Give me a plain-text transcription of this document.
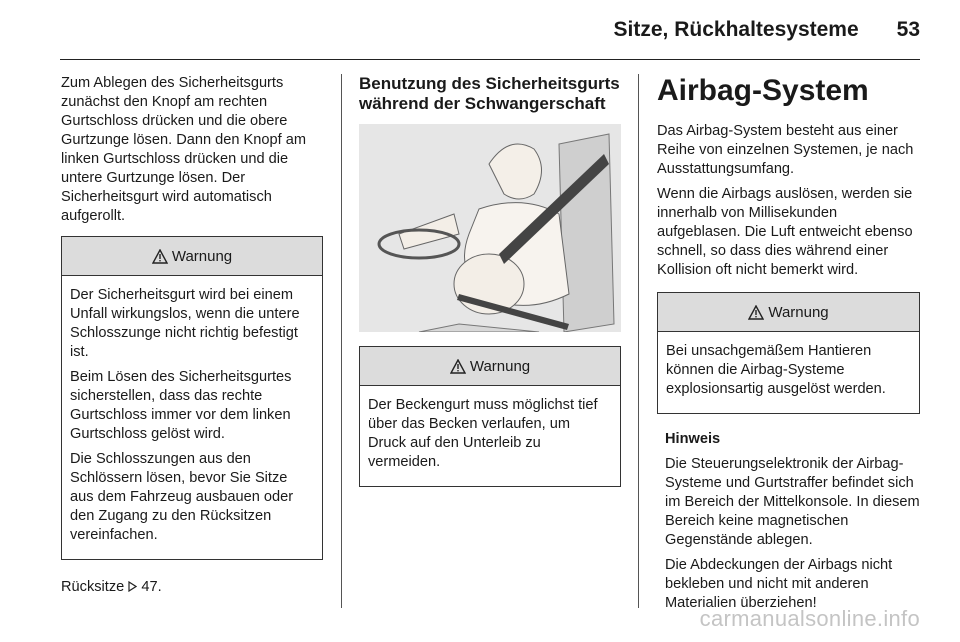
Sitze, Rückhaltesysteme 53

Zum Ablegen des Sicherheitsgurts zunächst den Knopf am rechten Gurtschloss drücken und die obere Gurtzunge lösen. Dann den Knopf am linken Gurtschloss drücken und die untere Gurtzunge lösen. Der Sicherheitsgurt wird automatisch aufgerollt.

Warnung

Der Sicherheitsgurt wird bei einem Unfall wirkungslos, wenn die untere Schlosszunge nicht richtig befestigt ist.

Beim Lösen des Sicherheitsgurtes sicherstellen, dass das rechte Gurtschloss immer vor dem linken Gurtschloss gelöst wird.

Die Schlosszungen aus den Schlössern lösen, bevor Sie Sitze aus dem Fahrzeug ausbauen oder den Zugang zu den Rücksitzen vereinfachen.

Rücksitze 47.

Benutzung des Sicherheitsgurts während der Schwangerschaft
Warnung

Der Beckengurt muss möglichst tief über das Becken verlaufen, um Druck auf den Unterleib zu vermeiden.

Airbag-System

Das Airbag-System besteht aus einer Reihe von einzelnen Systemen, je nach Ausstattungsumfang.

Wenn die Airbags auslösen, werden sie innerhalb von Millisekunden aufgeblasen. Die Luft entweicht ebenso schnell, so dass dies während einer Kollision oft nicht bemerkt wird.

Warnung

Bei unsachgemäßem Hantieren können die Airbag-Systeme explosionsartig ausgelöst werden.

Hinweis

Die Steuerungselektronik der Airbag-Systeme und Gurtstraffer befindet sich im Bereich der Mittelkonsole. In diesem Bereich keine magnetischen Gegenstände ablegen.

Die Abdeckungen der Airbags nicht bekleben und nicht mit anderen Materialien überziehen!

carmanualsonline.info
